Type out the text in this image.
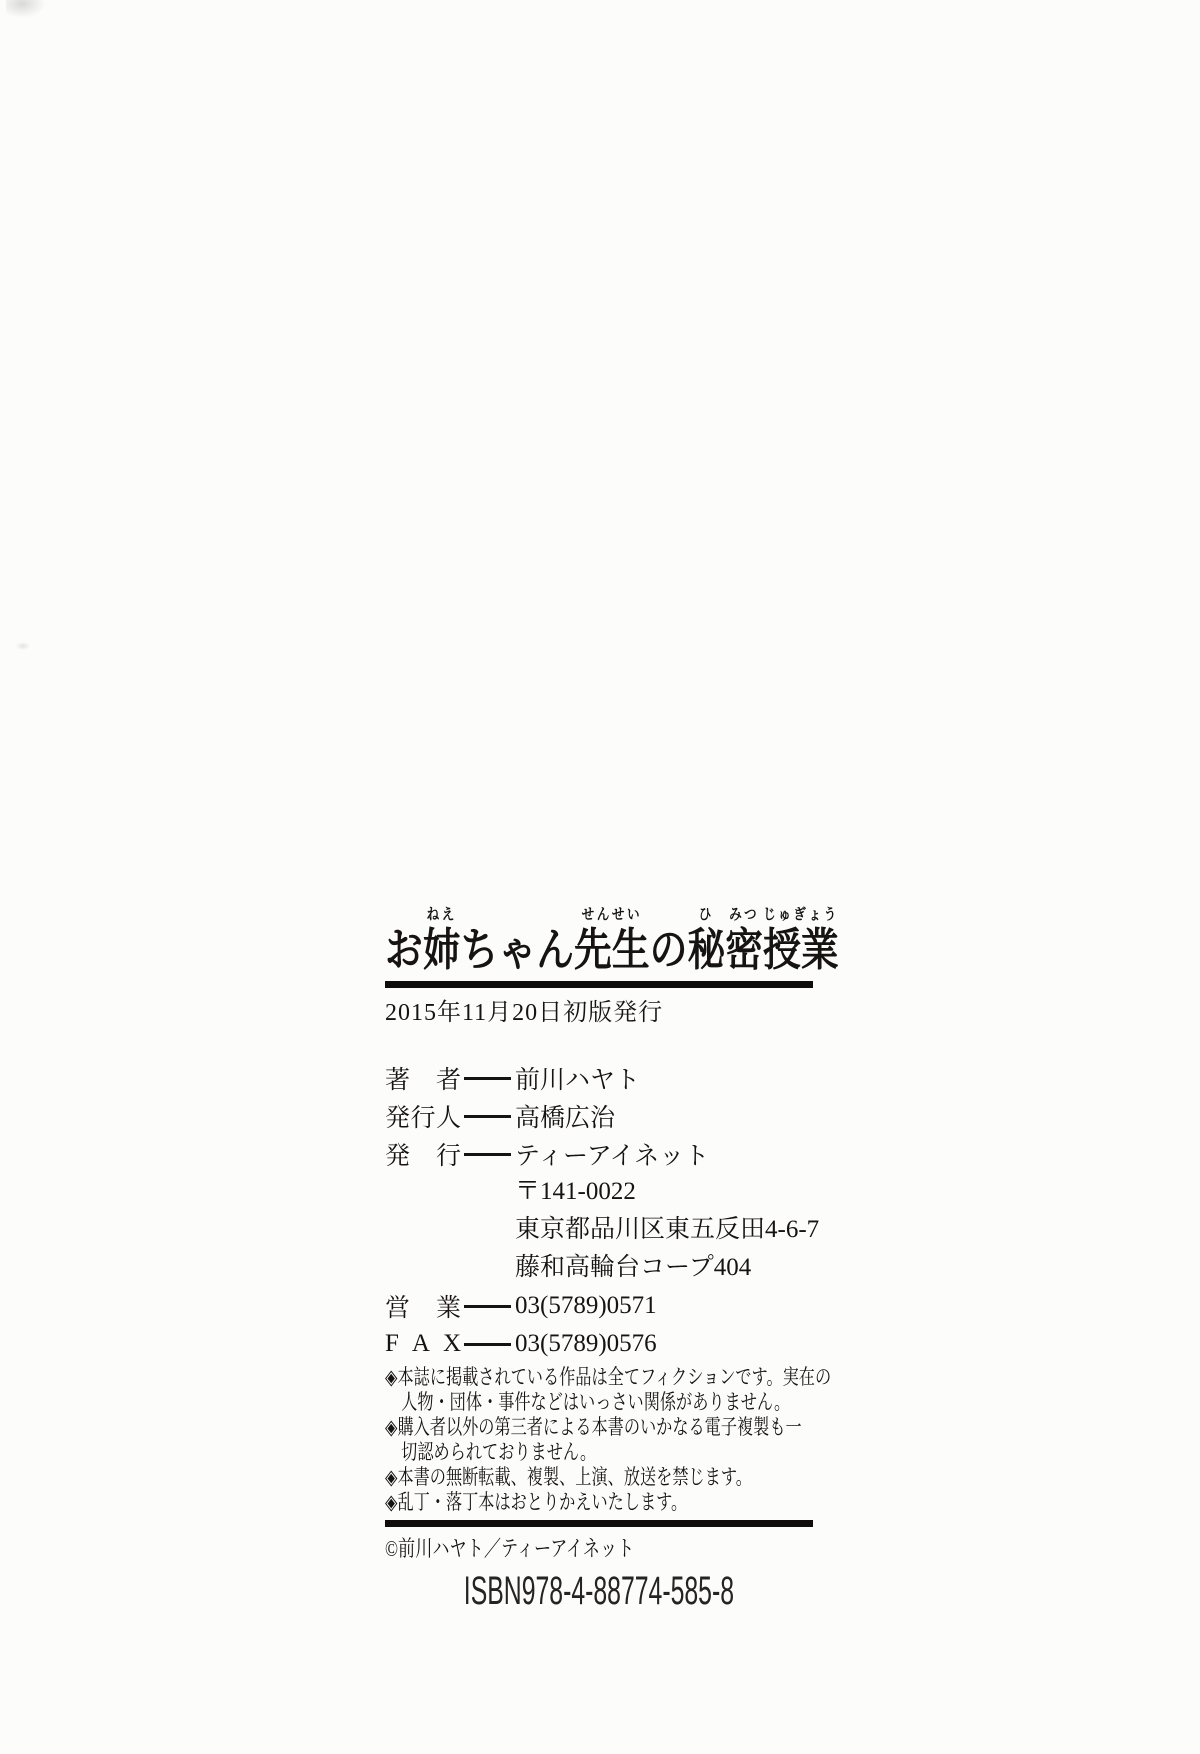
お
ねえ
姉 ちゃん
せんせい
先生 の
ひ
秘
みつ
密
じゅぎょう
授業
2015年11月20日初版発行
著 者 前川ハヤト
発 行 人 高橋広治
発 行 ティーアイネット
〒141-0022
東京都品川区東五反田4-6-7
藤和高輪台コープ404
営 業 03(5789)0571
F A X 03(5789)0576
◈本誌に掲載されている作品は全てフィクションです。実在の
人物・団体・事件などはいっさい関係がありません。
◈購入者以外の第三者による本書のいかなる電子複製も一
切認められておりません。
◈本書の無断転載、複製、上演、放送を禁じます。
◈乱丁・落丁本はおとりかえいたします。
©前川ハヤト／ティーアイネット
ISBN978-4-88774-585-8
